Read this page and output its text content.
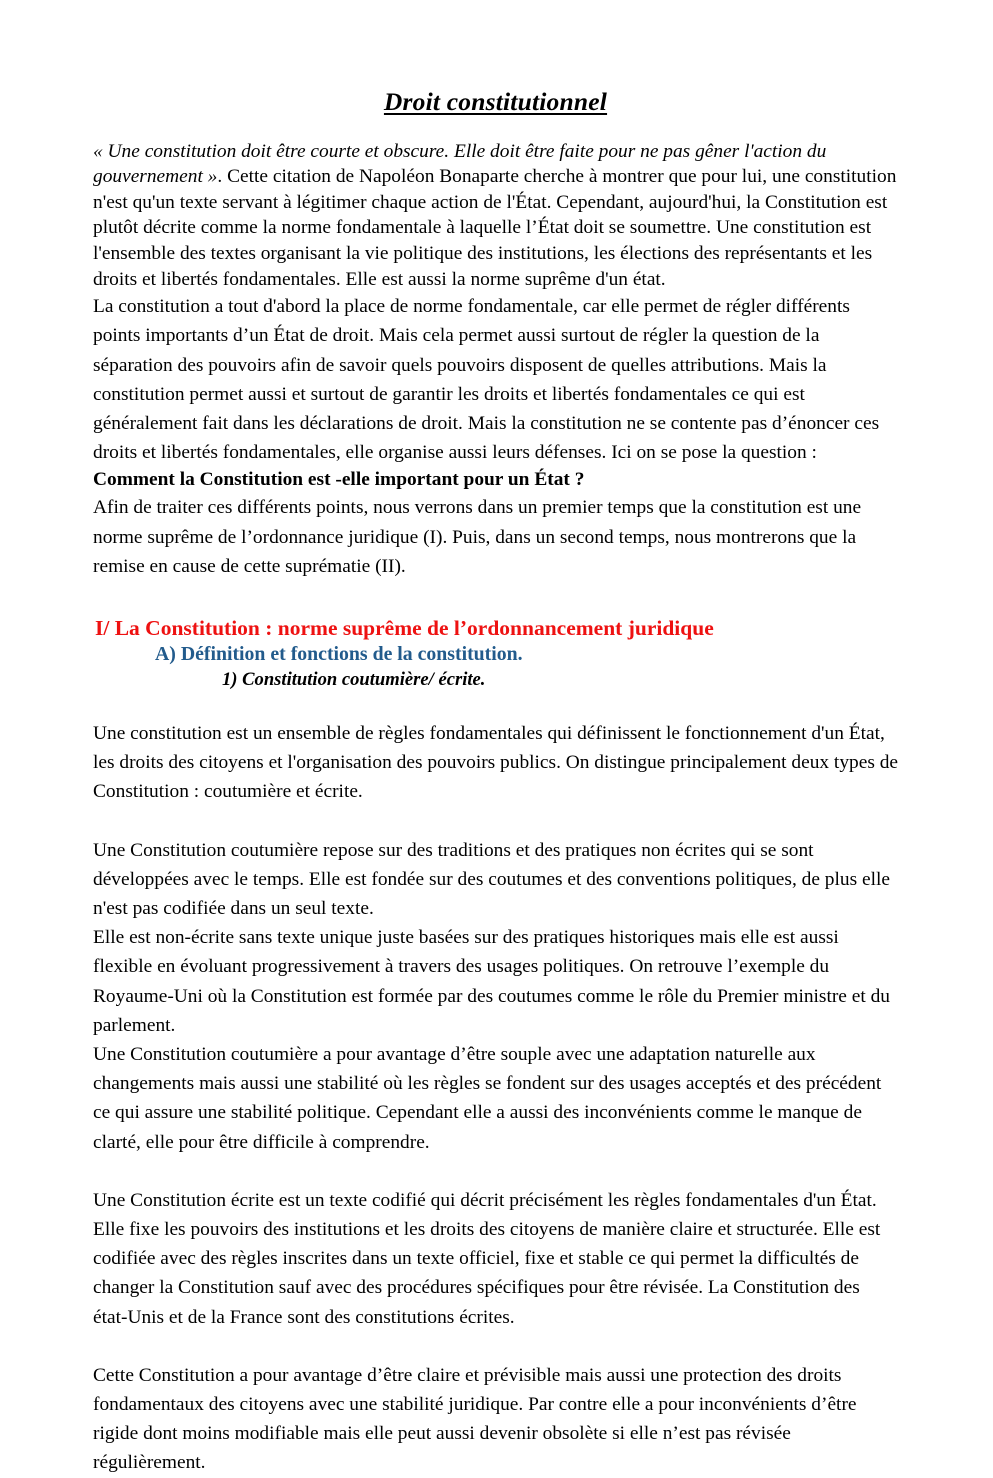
Droit constitutionnel
« Une constitution doit être courte et obscure. Elle doit être faite pour ne pas gêner l'action du gouvernement ». Cette citation de Napoléon Bonaparte cherche à montrer que pour lui, une constitution n'est qu'un texte servant à légitimer chaque action de l'État. Cependant, aujourd'hui, la Constitution est plutôt décrite comme la norme fondamentale à laquelle l’État doit se soumettre. Une constitution est l'ensemble des textes organisant la vie politique des institutions, les élections des représentants et les droits et libertés fondamentales. Elle est aussi la norme suprême d'un état.
La constitution a tout d'abord la place de norme fondamentale, car elle permet de régler différents points importants d’un État de droit. Mais cela permet aussi surtout de régler la question de la séparation des pouvoirs afin de savoir quels pouvoirs disposent de quelles attributions. Mais la constitution permet aussi et surtout de garantir les droits et libertés fondamentales ce qui est généralement fait dans les déclarations de droit. Mais la constitution ne se contente pas d’énoncer ces droits et libertés fondamentales, elle organise aussi leurs défenses. Ici on se pose la question :

Comment la Constitution est -elle important pour un État ?

Afin de traiter ces différents points, nous verrons dans un premier temps que la constitution est une norme suprême de l’ordonnance juridique (I). Puis, dans un second temps, nous montrerons que la remise en cause de cette suprématie (II).

I/ La Constitution : norme suprême de l’ordonnancement juridique
A) Définition et fonctions de la constitution.
1) Constitution coutumière/ écrite.

Une constitution est un ensemble de règles fondamentales qui définissent le fonctionnement d'un État, les droits des citoyens et l'organisation des pouvoirs publics. On distingue principalement deux types de Constitution : coutumière et écrite.

Une Constitution coutumière repose sur des traditions et des pratiques non écrites qui se sont développées avec le temps. Elle est fondée sur des coutumes et des conventions politiques, de plus elle n'est pas codifiée dans un seul texte.

Elle est non-écrite sans texte unique juste basées sur des pratiques historiques mais elle est aussi flexible en évoluant progressivement à travers des usages politiques. On retrouve l’exemple du Royaume-Uni où la Constitution est formée par des coutumes comme le rôle du Premier ministre et du parlement.

Une Constitution coutumière a pour avantage d’être souple avec une adaptation naturelle aux changements mais aussi une stabilité où les règles se fondent sur des usages acceptés et des précédent ce qui assure une stabilité politique. Cependant elle a aussi des inconvénients comme le manque de clarté, elle pour être difficile à comprendre.

Une Constitution écrite est un texte codifié qui décrit précisément les règles fondamentales d'un État. Elle fixe les pouvoirs des institutions et les droits des citoyens de manière claire et structurée. Elle est codifiée avec des règles inscrites dans un texte officiel, fixe et stable ce qui permet la difficultés de changer la Constitution sauf avec des procédures spécifiques pour être révisée. La Constitution des état-Unis et de la France sont des constitutions écrites.

Cette Constitution a pour avantage d’être claire et prévisible mais aussi une protection des droits fondamentaux des citoyens avec une stabilité juridique. Par contre elle a pour inconvénients d’être rigide dont moins modifiable mais elle peut aussi devenir obsolète si elle n’est pas révisée régulièrement.
